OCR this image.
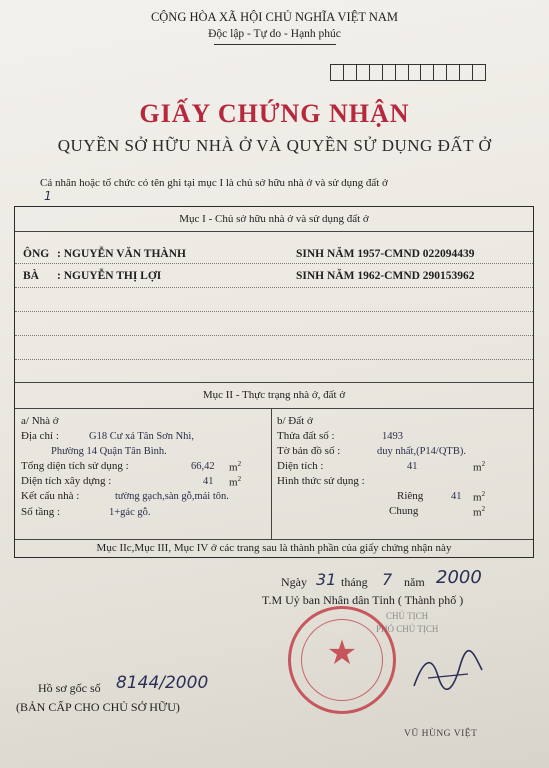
CỘNG HÒA XÃ HỘI CHỦ NGHĨA VIỆT NAM
Độc lập - Tự do - Hạnh phúc
GIẤY CHỨNG NHẬN
QUYỀN SỞ HỮU NHÀ Ở VÀ QUYỀN SỬ DỤNG ĐẤT Ở
Cá nhân hoặc tổ chức có tên ghi tại mục I là chủ sở hữu nhà ở và sử dụng đất ở
1
Mục I - Chủ sở hữu nhà ở và sử dụng đất ở
ÔNG : NGUYỄN VĂN THÀNH	SINH NĂM 1957-CMND 022094439
BÀ : NGUYỄN THỊ LỢI	SINH NĂM 1962-CMND 290153962
Mục II - Thực trạng nhà ở, đất ở
a/ Nhà ở
Địa chỉ :	G18 Cư xá Tân Sơn Nhì,
Phường 14 Quận Tân Bình.
Tổng diện tích sử dụng :	66,42 $m^2$
Diện tích xây dựng :	41 $m^2$
Kết cấu nhà :	tường gạch,sàn gỗ,mái tôn.
Số tầng :	1+gác gỗ.
b/ Đất ở
Thửa đất số :	1493
Tờ bản đồ số :	duy nhất,(P14/QTB).
Diện tích :	41	$m^2$
Hình thức sử dụng :
Riêng	41 $m^2$
Chung	$m^2$
Mục IIc,Mục III, Mục IV ở các trang sau là thành phần của giấy chứng nhận này
Ngày 31 tháng 7 năm 2000
T.M Uỷ ban Nhân dân Tỉnh ( Thành phố )
CHỦ TỊCH
PHÓ CHỦ TỊCH
★
Hồ sơ gốc số 8144/2000
(BẢN CẤP CHO CHỦ SỞ HỮU)
VŨ HÙNG VIỆT
